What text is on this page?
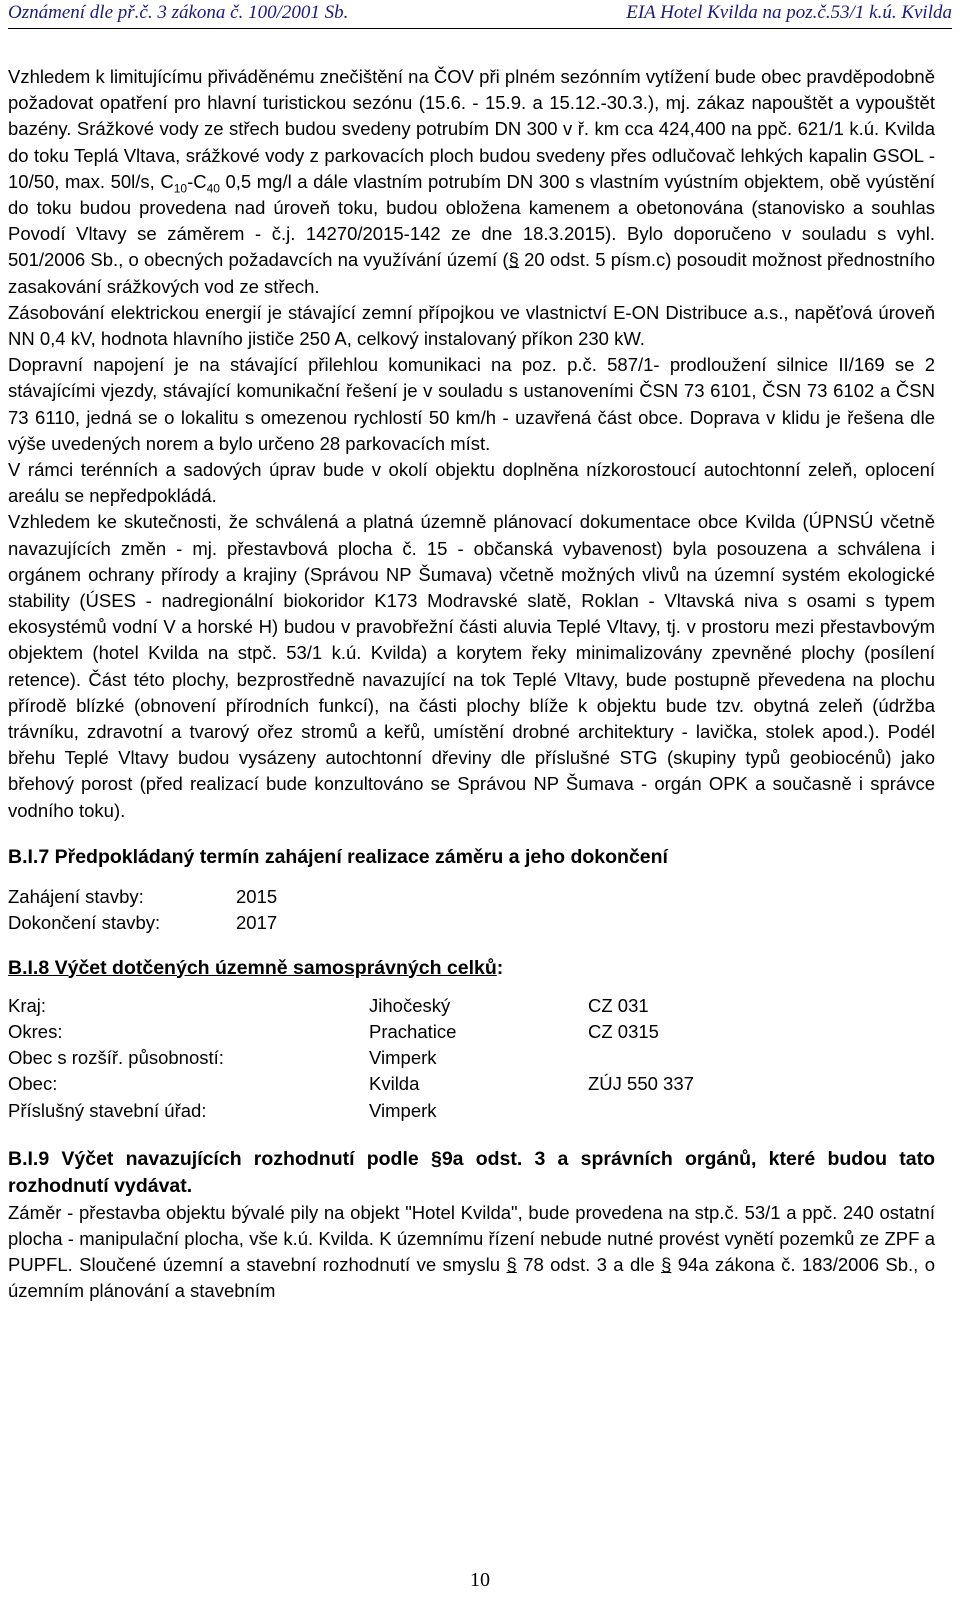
Oznámení dle př.č. 3 zákona č. 100/2001 Sb.	EIA Hotel Kvilda na poz.č.53/1 k.ú. Kvilda

Vzhledem k limitujícímu přiváděnému znečištění na ČOV při plném sezónním vytížení bude obec pravděpodobně požadovat opatření pro hlavní turistickou sezónu (15.6. - 15.9. a 15.12.-30.3.), mj. zákaz napouštět a vypouštět bazény. Srážkové vody ze střech budou svedeny potrubím DN 300 v ř. km cca 424,400 na ppč. 621/1 k.ú. Kvilda do toku Teplá Vltava, srážkové vody z parkovacích ploch budou svedeny přes odlučovač lehkých kapalin GSOL - 10/50, max. 50l/s, $C_{10}-C_{40}$ 0,5 mg/l a dále vlastním potrubím DN 300 s vlastním vyústním objektem, obě vyústění do toku budou provedena nad úroveň toku, budou obložena kamenem a obetonována (stanovisko a souhlas Povodí Vltavy se záměrem - č.j. 14270/2015-142 ze dne 18.3.2015). Bylo doporučeno v souladu s vyhl. 501/2006 Sb., o obecných požadavcích na využívání území (§ 20 odst. 5 písm.c) posoudit možnost přednostního zasakování srážkových vod ze střech.

Zásobování elektrickou energií je stávající zemní přípojkou ve vlastnictví E-ON Distribuce a.s., napěťová úroveň NN 0,4 kV, hodnota hlavního jističe 250 A, celkový instalovaný příkon 230 kW.

Dopravní napojení je na stávající přilehlou komunikaci na poz. p.č. 587/1- prodloužení silnice II/169 se 2 stávajícími vjezdy, stávající komunikační řešení je v souladu s ustanoveními ČSN 73 6101, ČSN 73 6102 a ČSN 73 6110, jedná se o lokalitu s omezenou rychlostí 50 km/h - uzavřená část obce. Doprava v klidu je řešena dle výše uvedených norem a bylo určeno 28 parkovacích míst.

V rámci terénních a sadových úprav bude v okolí objektu doplněna nízkorostoucí autochtonní zeleň, oplocení areálu se nepředpokládá.

Vzhledem ke skutečnosti, že schválená a platná územně plánovací dokumentace obce Kvilda (ÚPNSÚ včetně navazujících změn - mj. přestavbová plocha č. 15 - občanská vybavenost) byla posouzena a schválena i orgánem ochrany přírody a krajiny (Správou NP Šumava) včetně možných vlivů na územní systém ekologické stability (ÚSES - nadregionální biokoridor K173 Modravské slatě, Roklan - Vltavská niva s osami s typem ekosystémů vodní V a horské H) budou v pravobřežní části aluvia Teplé Vltavy, tj. v prostoru mezi přestavbovým objektem (hotel Kvilda na stpč. 53/1 k.ú. Kvilda) a korytem řeky minimalizovány zpevněné plochy (posílení retence). Část této plochy, bezprostředně navazující na tok Teplé Vltavy, bude postupně převedena na plochu přírodě blízké (obnovení přírodních funkcí), na části plochy blíže k objektu bude tzv. obytná zeleň (údržba trávníku, zdravotní a tvarový ořez stromů a keřů, umístění drobné architektury - lavička, stolek apod.). Podél břehu Teplé Vltavy budou vysázeny autochtonní dřeviny dle příslušné STG (skupiny typů geobiocénů) jako břehový porost (před realizací bude konzultováno se Správou NP Šumava - orgán OPK a současně i správce vodního toku).

B.I.7 Předpokládaný termín zahájení realizace záměru a jeho dokončení
Zahájení stavby:	2015
Dokončení stavby:	2017
B.I.8 Výčet dotčených územně samosprávných celků:
Kraj:	Jihočeský	CZ 031
Okres:	Prachatice	CZ 0315
Obec s rozšíř. působností:	Vimperk	
Obec:	Kvilda	ZÚJ 550 337
Příslušný stavební úřad:	Vimperk	
B.I.9 Výčet navazujících rozhodnutí podle §9a odst. 3 a správních orgánů, které budou tato rozhodnutí vydávat.

Záměr - přestavba objektu bývalé pily na objekt "Hotel Kvilda", bude provedena na stp.č. 53/1 a ppč. 240 ostatní plocha - manipulační plocha, vše k.ú. Kvilda. K územnímu řízení nebude nutné provést vynětí pozemků ze ZPF a PUPFL. Sloučené územní a stavební rozhodnutí ve smyslu § 78 odst. 3 a dle § 94a zákona č. 183/2006 Sb., o územním plánování a stavebním

10
